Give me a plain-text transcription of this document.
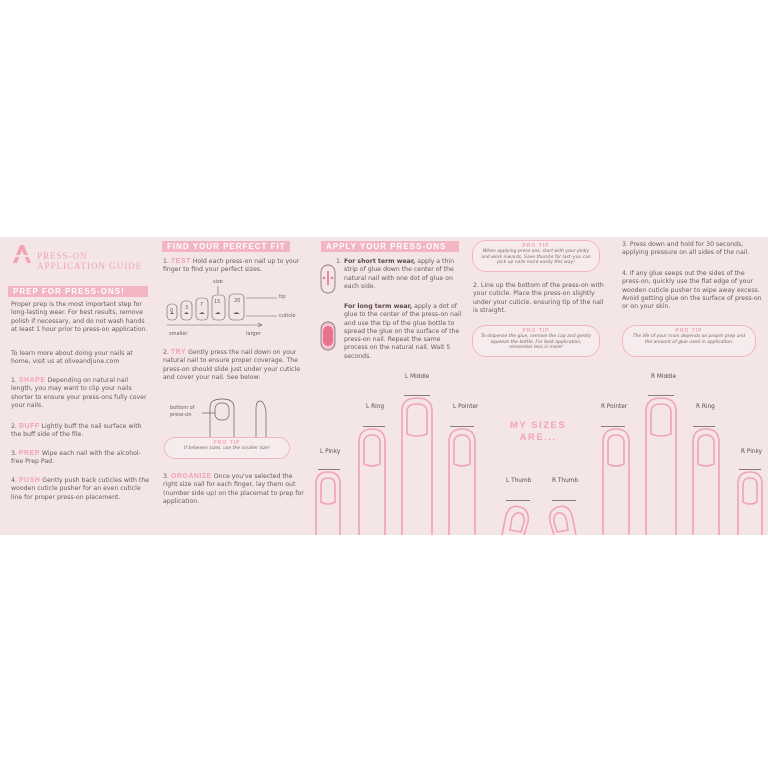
PRESS-ON
APPLICATION GUIDE
PREP FOR PRESS-ONS!
Proper prep is the most important step for long-lasting wear. For best results, remove polish if necessary, and do not wash hands at least 1 hour prior to press-on application.
To learn more about doing your nails at home, visit us at oliveandjune.com
1. SHAPE Depending on natural nail length, you may want to clip your nails shorter to ensure your press-ons fully cover your nails.
2. BUFF Lightly buff the nail surface with the buff side of the file.
3. PREP Wipe each nail with the alcohol-free Prep Pad.
4. PUSH Gently push back cuticles with the wooden cuticle pusher for an even cuticle line for proper press-on placement.
FIND YOUR PERFECT FIT
1. TEST Hold each press-on nail up to your finger to find your perfect sizes.
size
0 3 7 15	20
tip
cuticle
smaller	larger
2. TRY Gently press the nail down on your natural nail to ensure proper coverage. The press-on should slide just under your cuticle and cover your nail. See below:
bottom of press-on
PRO TIP
If between sizes, use the smaller size!
3. ORGANIZE Once you've selected the right size nail for each finger, lay them out (number side up) on the placemat to prep for application.
APPLY YOUR PRESS-ONS
1. For short term wear, apply a thin strip of glue down the center of the natural nail with one dot of glue on each side.
For long term wear, apply a dot of glue to the center of the press-on nail and use the tip of the glue bottle to spread the glue on the surface of the press-on nail. Repeat the same process on the natural nail. Wait 5 seconds.
PRO TIP
When applying press-ons, start with your pinky and work inwards. Save thumbs for last–you can pick up nails more easily this way!
2. Line up the bottom of the press-on with your cuticle. Place the press-on slightly under your cuticle, ensuring tip of the nail is straight.
PRO TIP
To dispense the glue, remove the cap and gently squeeze the bottle. For best application, remember less is more!
3. Press down and hold for 30 seconds, applying pressure on all sides of the nail.
4. If any glue seeps out the sides of the press-on, quickly use the flat edge of your wooden cuticle pusher to wipe away excess. Avoid getting glue on the surface of press-on or on your skin.
PRO TIP
The life of your mani depends on proper prep and the amount of glue used in application.
MY SIZES
ARE...
L Pinky
L Ring
L Middle
L Pointer
L Thumb	R Thumb
R Pointer
R Middle
R Ring
R Pinky
